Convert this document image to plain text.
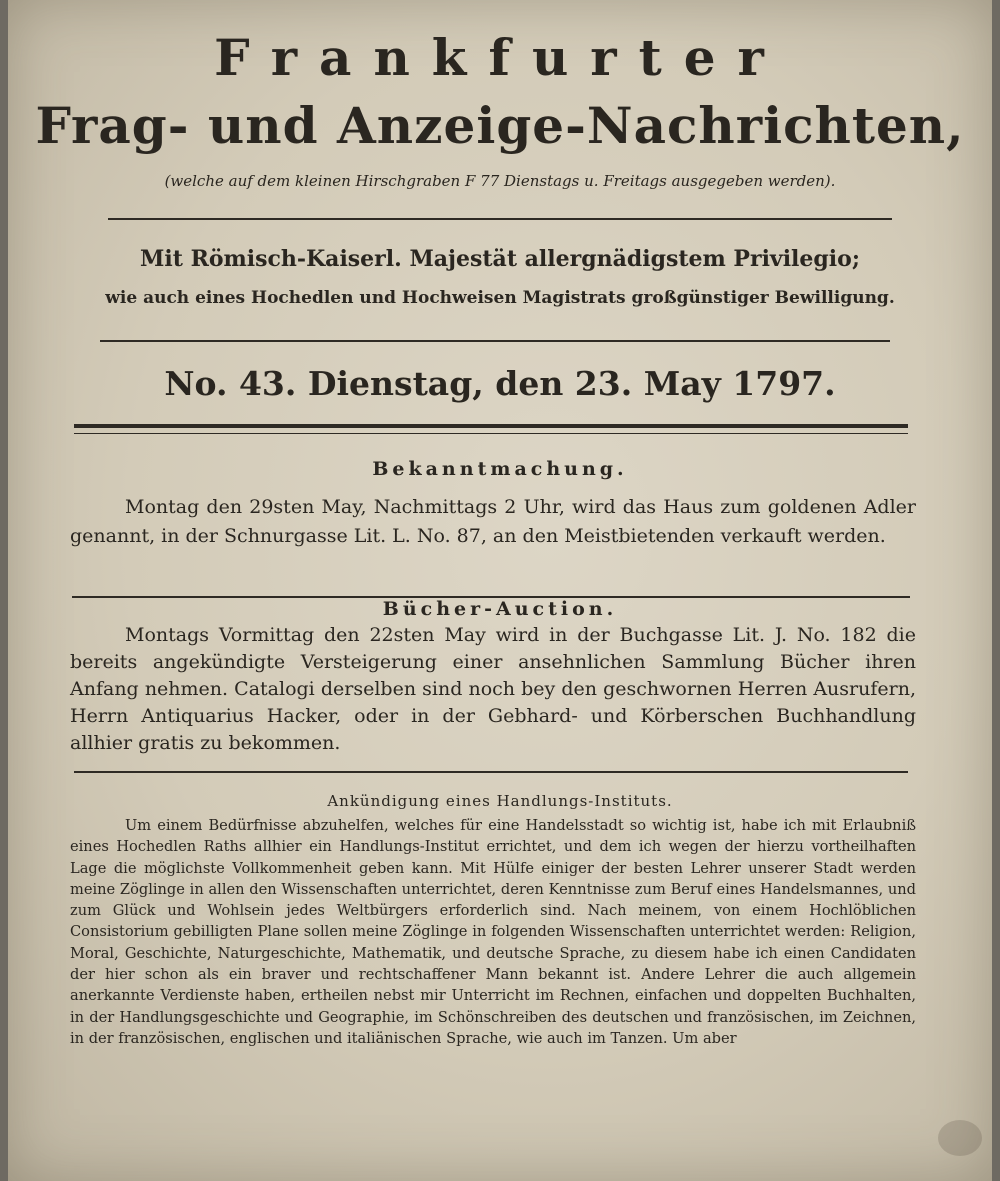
Frankfurter
Frag- und Anzeige-Nachrichten,
(welche auf dem kleinen Hirschgraben F 77 Dienstags u. Freitags ausgegeben werden).
Mit Römisch-Kaiserl. Majestät allergnädigstem Privilegio;
wie auch eines Hochedlen und Hochweisen Magistrats großgünstiger Bewilligung.
No. 43. Dienstag, den 23. May 1797.
Bekanntmachung.
Montag den 29sten May, Nachmittags 2 Uhr, wird das Haus zum goldenen Adler genannt, in der Schnurgasse Lit. L. No. 87, an den Meistbietenden verkauft werden.
Bücher-Auction.
Montags Vormittag den 22sten May wird in der Buchgasse Lit. J. No. 182 die bereits angekündigte Versteigerung einer ansehnlichen Sammlung Bücher ihren Anfang nehmen. Catalogi derselben sind noch bey den geschwornen Herren Ausrufern, Herrn Antiquarius Hacker, oder in der Gebhard- und Körberschen Buchhandlung allhier gratis zu bekommen.
Ankündigung eines Handlungs-Instituts.
Um einem Bedürfnisse abzuhelfen, welches für eine Handelsstadt so wichtig ist, habe ich mit Erlaubniß eines Hochedlen Raths allhier ein Handlungs-Institut errichtet, und dem ich wegen der hierzu vortheilhaften Lage die möglichste Vollkommenheit geben kann. Mit Hülfe einiger der besten Lehrer unserer Stadt werden meine Zöglinge in allen den Wissenschaften unterrichtet, deren Kenntnisse zum Beruf eines Handelsmannes, und zum Glück und Wohlsein jedes Weltbürgers erforderlich sind. Nach meinem, von einem Hochlöblichen Consistorium gebilligten Plane sollen meine Zöglinge in folgenden Wissenschaften unterrichtet werden: Religion, Moral, Geschichte, Naturgeschichte, Mathematik, und deutsche Sprache, zu diesem habe ich einen Candidaten der hier schon als ein braver und rechtschaffener Mann bekannt ist. Andere Lehrer die auch allgemein anerkannte Verdienste haben, ertheilen nebst mir Unterricht im Rechnen, einfachen und doppelten Buchhalten, in der Handlungsgeschichte und Geographie, im Schönschreiben des deutschen und französischen, im Zeichnen, in der französischen, englischen und italiänischen Sprache, wie auch im Tanzen. Um aber
